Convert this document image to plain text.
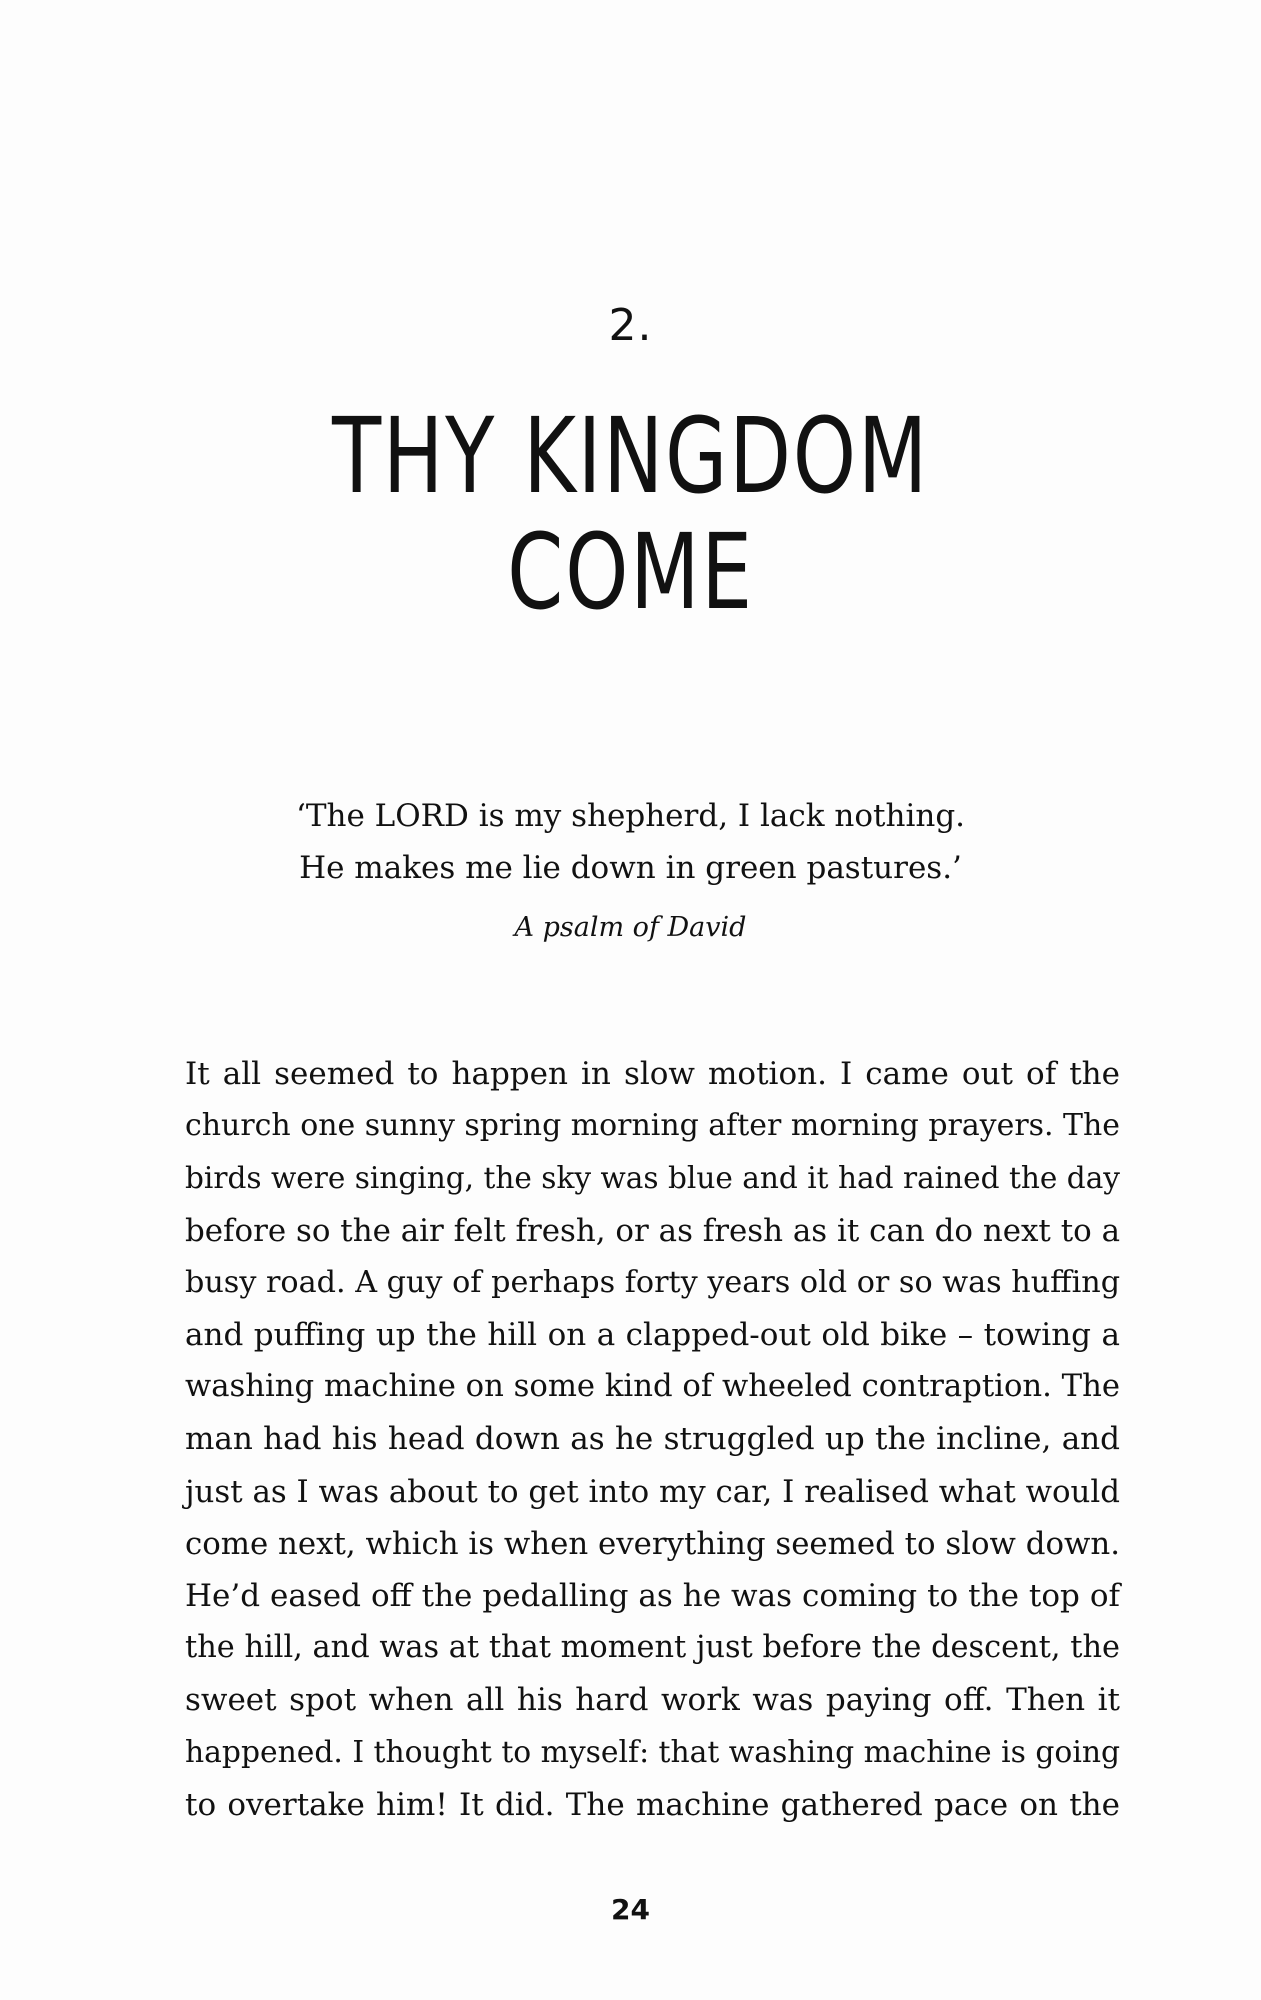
2.
THY KINGDOM
COME
‘The LORD is my shepherd, I lack nothing.
He makes me lie down in green pastures.’
A psalm of David
It all seemed to happen in slow motion. I came out of the
church one sunny spring morning after morning prayers. The
birds were singing, the sky was blue and it had rained the day
before so the air felt fresh, or as fresh as it can do next to a
busy road. A guy of perhaps forty years old or so was huffing
and puffing up the hill on a clapped-out old bike – towing a
washing machine on some kind of wheeled contraption. The
man had his head down as he struggled up the incline, and
just as I was about to get into my car, I realised what would
come next, which is when everything seemed to slow down.
He’d eased off the pedalling as he was coming to the top of
the hill, and was at that moment just before the descent, the
sweet spot when all his hard work was paying off. Then it
happened. I thought to myself: that washing machine is going
to overtake him! It did. The machine gathered pace on the
24
